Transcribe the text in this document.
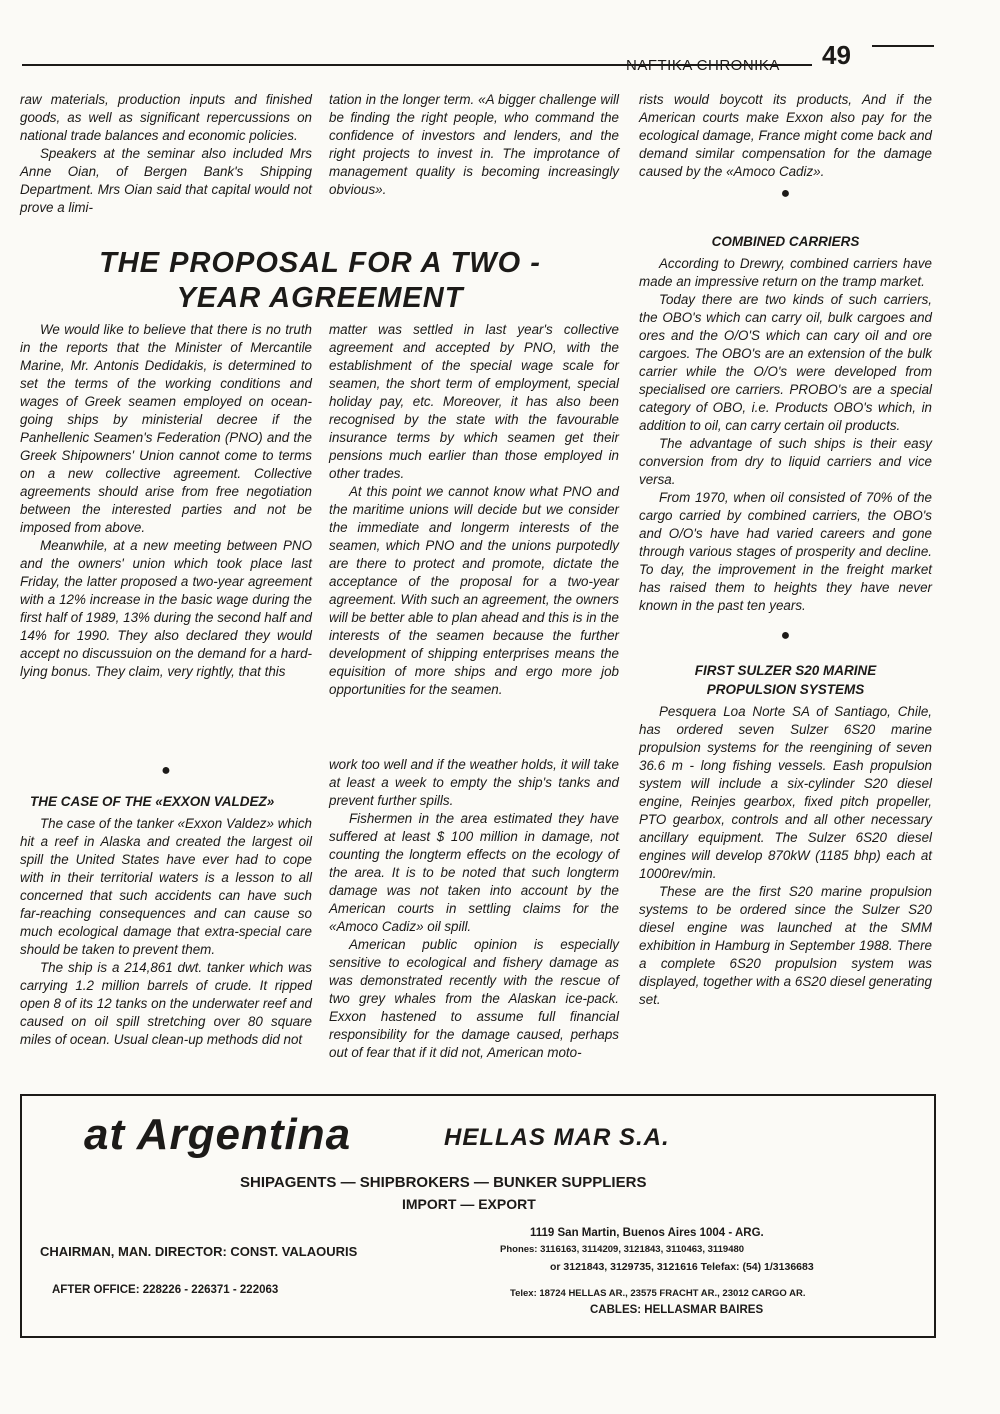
NAFTIKA CHRONIKA 49

raw materials, production inputs and finished goods, as well as significant repercussions on national trade balances and economic policies.

Speakers at the seminar also included Mrs Anne Oian, of Bergen Bank's Shipping Department. Mrs Oian said that capital would not prove a limi-

tation in the longer term. «A bigger challenge will be finding the right people, who command the confidence of investors and lenders, and the right projects to invest in. The improtance of management quality is becoming increasingly obvious».

rists would boycott its products, And if the American courts make Exxon also pay for the ecological damage, France might come back and demand similar compensation for the damage caused by the «Amoco Cadiz».

●
THE PROPOSAL FOR A TWO -
YEAR AGREEMENT

We would like to believe that there is no truth in the reports that the Minister of Mercantile Marine, Mr. Antonis Dedidakis, is determined to set the terms of the working conditions and wages of Greek seamen employed on ocean-going ships by ministerial decree if the Panhellenic Seamen's Federation (PNO) and the Greek Shipowners' Union cannot come to terms on a new collective agreement. Collective agreements should arise from free negotiation between the interested parties and not be imposed from above.

Meanwhile, at a new meeting between PNO and the owners' union which took place last Friday, the latter proposed a two-year agreement with a 12% increase in the basic wage during the first half of 1989, 13% during the second half and 14% for 1990. They also declared they would accept no discussuion on the demand for a hard-lying bonus. They claim, very rightly, that this

matter was settled in last year's collective agreement and accepted by PNO, with the establishment of the special wage scale for seamen, the short term of employment, special holiday pay, etc. Moreover, it has also been recognised by the state with the favourable insurance terms by which seamen get their pensions much earlier than those employed in other trades.

At this point we cannot know what PNO and the maritime unions will decide but we consider the immediate and longerm interests of the seamen, which PNO and the unions purpotedly are there to protect and promote, dictate the acceptance of the proposal for a two-year agreement. With such an agreement, the owners will be better able to plan ahead and this is in the interests of the seamen because the further development of shipping enterprises means the equisition of more ships and ergo more job opportunities for the seamen.

COMBINED CARRIERS

According to Drewry, combined carriers have made an impressive return on the tramp market.

Today there are two kinds of such carriers, the OBO's which can carry oil, bulk cargoes and ores and the O/O'S which can cary oil and ore cargoes. The OBO's are an extension of the bulk carrier while the O/O's were developed from specialised ore carriers. PROBO's are a special category of OBO, i.e. Products OBO's which, in addition to oil, can carry certain oil products.

The advantage of such ships is their easy conversion from dry to liquid carriers and vice versa.

From 1970, when oil consisted of 70% of the cargo carried by combined carriers, the OBO's and O/O's have had varied careers and gone through various stages of prosperity and decline. To day, the improvement in the freight market has raised them to heights they have never known in the past ten years.

●
FIRST SULZER S20 MARINE
PROPULSION SYSTEMS

Pesquera Loa Norte SA of Santiago, Chile, has ordered seven Sulzer 6S20 marine propulsion systems for the reengining of seven 36.6 m - long fishing vessels. Eash propulsion system will include a six-cylinder S20 diesel engine, Reinjes gearbox, fixed pitch propeller, PTO gearbox, controls and all other necessary ancillary equipment. The Sulzer 6S20 diesel engines will develop 870kW (1185 bhp) each at 1000rev/min.

These are the first S20 marine propulsion systems to be ordered since the Sulzer S20 diesel engine was launched at the SMM exhibition in Hamburg in September 1988. There a complete 6S20 propulsion system was displayed, together with a 6S20 diesel generating set.

●
THE CASE OF THE «EXXON VALDEZ»

The case of the tanker «Exxon Valdez» which hit a reef in Alaska and created the largest oil spill the United States have ever had to cope with in their territorial waters is a lesson to all concerned that such accidents can have such far-reaching consequences and can cause so much ecological damage that extra-special care should be taken to prevent them.

The ship is a 214,861 dwt. tanker which was carrying 1.2 million barrels of crude. It ripped open 8 of its 12 tanks on the underwater reef and caused on oil spill stretching over 80 square miles of ocean. Usual clean-up methods did not

work too well and if the weather holds, it will take at least a week to empty the ship's tanks and prevent further spills.

Fishermen in the area estimated they have suffered at least $ 100 million in damage, not counting the longterm effects on the ecology of the area. It is to be noted that such longterm damage was not taken into account by the American courts in settling claims for the «Amoco Cadiz» oil spill.

American public opinion is especially sensitive to ecological and fishery damage as was demonstrated recently with the rescue of two grey whales from the Alaskan ice-pack. Exxon hastened to assume full financial responsibility for the damage caused, perhaps out of fear that if it did not, American moto-

at Argentina	HELLAS MAR S.A.
SHIPAGENTS — SHIPBROKERS — BUNKER SUPPLIERS
IMPORT — EXPORT
CHAIRMAN, MAN. DIRECTOR: CONST. VALAOURIS
1119 San Martin, Buenos Aires 1004 - ARG.
Phones: 3116163, 3114209, 3121843, 3110463, 3119480
or 3121843, 3129735, 3121616 Telefax: (54) 1/3136683
AFTER OFFICE: 228226 - 226371 - 222063	Telex: 18724 HELLAS AR., 23575 FRACHT AR., 23012 CARGO AR.
CABLES: HELLASMAR BAIRES
